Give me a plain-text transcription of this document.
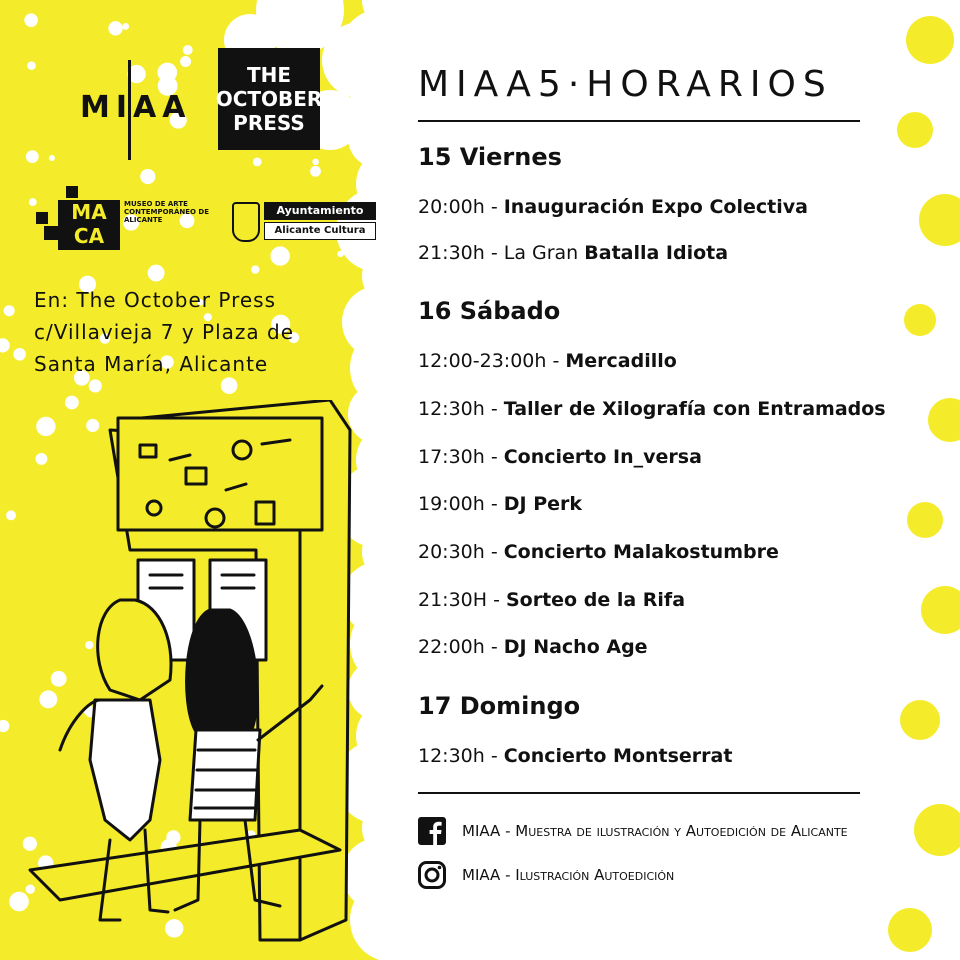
MIAA
THE
OCTOBER
PRESS
MA
CA
MUSEO DE ARTE CONTEMPORÁNEO DE ALICANTE
Ayuntamiento
Alicante Cultura
En: The October Press
c/Villavieja 7 y Plaza de
Santa María, Alicante
MIAA5·HORARIOS
15 Viernes
20:00h - Inauguración Expo Colectiva
21:30h - La Gran Batalla Idiota
16 Sábado
12:00-23:00h - Mercadillo
12:30h - Taller de Xilografía con Entramados
17:30h - Concierto In_versa
19:00h - DJ Perk
20:30h - Concierto Malakostumbre
21:30H - Sorteo de la Rifa
22:00h - DJ Nacho Age
17 Domingo
12:30h - Concierto Montserrat
MIAA - Muestra de ilustración y Autoedición de Alicante
MIAA - Ilustración Autoedición
